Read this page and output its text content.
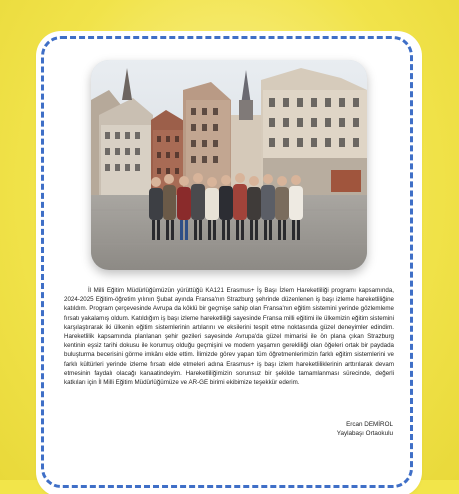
İl Milli Eğitim Müdürlüğümüzün yürüttüğü KA121 Erasmus+ İş Başı İzlem Hareketliliği programı kapsamında, 2024-2025 Eğitim-öğretim yılının Şubat ayında Fransa'nın Strazburg şehrinde düzenlenen iş başı izleme hareketliliğine katıldım. Program çerçevesinde Avrupa da köklü bir geçmişe sahip olan Fransa'nın eğitim sistemini yerinde gözlemleme fırsatı yakalamış oldum. Katıldığım iş başı izleme hareketliliği sayesinde Fransa milli eğitimi ile ülkemizin eğitim sistemini karşılaştırarak iki ülkenin eğitim sistemlerinin artılarını ve eksilerini tespit etme noktasında güzel deneyimler edindim. Hareketlilik kapsamında planlanan şehir gezileri sayesinde Avrupa'da güzel mimarisi ile ön plana çıkan Strazburg kentinin eşsiz tarihi dokusu ile korumuş olduğu geçmişini ve modern yaşamın gerekliliği olan öğeleri ortak bir paydada buluşturma becerisini görme imkânı elde ettim. İlimizde görev yapan tüm öğretmenlerimizin farklı eğitim sistemlerini ve farklı kültürleri yerinde izleme fırsatı elde etmeleri adına Erasmus+ iş başı izlem hareketliliklerinin arttırılarak devam etmesinin faydalı olacağı kanaatindeyim. Hareketliliğimizin sorunsuz bir şekilde tamamlanması sürecinde, değerli katkıları için İl Milli Eğitim Müdürlüğümüze ve AR-GE birimi ekibimize teşekkür ederim.

Ercan DEMİROL
Yaylabaşı Ortaokulu
